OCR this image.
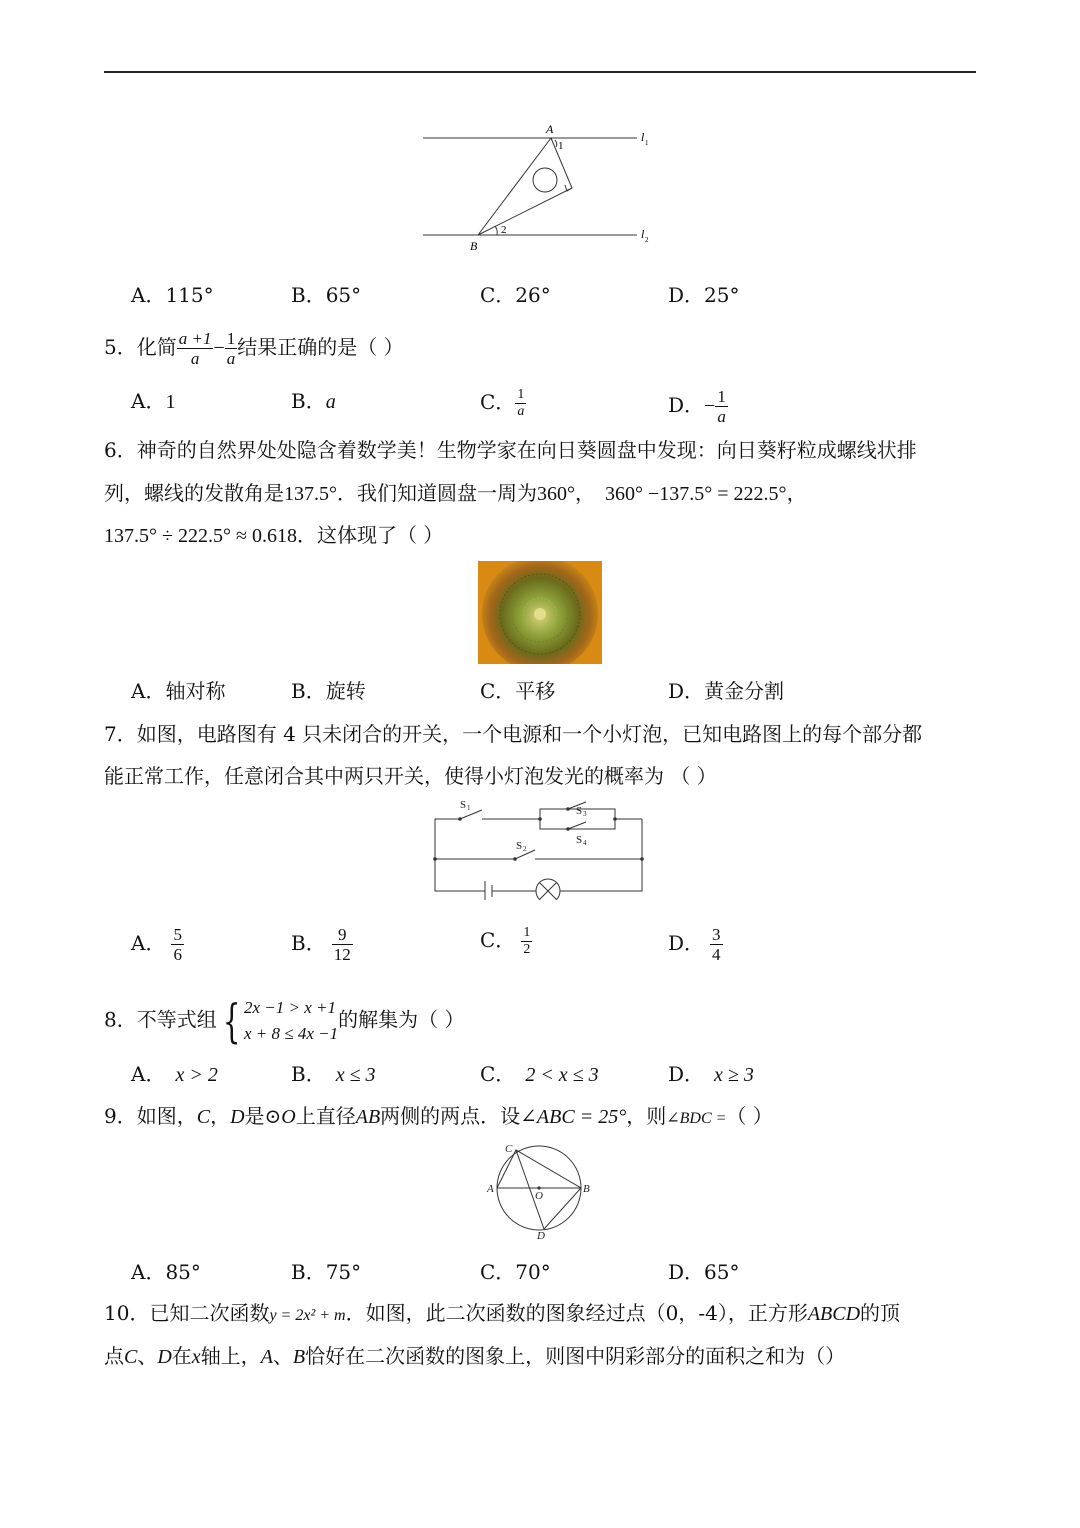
A
1
B
2
l 1
l 2
A．115°	B．65°	C．26°	D．25°
5．化简 $\frac{a +1}{a} - \frac{1}{a}$ 结果正确的是（ ）
A．1	B．a	C． $\frac{1}{a}$	D．− $\frac{1}{a}$
6．神奇的自然界处处隐含着数学美！生物学家在向日葵圆盘中发现：向日葵籽粒成螺线状排
列，螺线的发散角是137.5°．我们知道圆盘一周为360°， 360° −137.5° = 222.5°，
137.5° ÷ 222.5° ≈ 0.618．这体现了（ ）
A．轴对称	B．旋转	C．平移	D．黄金分割
7．如图，电路图有 4 只未闭合的开关，一个电源和一个小灯泡，已知电路图上的每个部分都
能正常工作，任意闭合其中两只开关，使得小灯泡发光的概率为 （ ）
S 1	S 3
S 4
S 2
A． $\frac{5}{6}$	B． $\frac{9}{12}$	C． $\frac{1}{2}$	D． $\frac{3}{4}$
8．不等式组 { 2x −1 > x +1
x + 8 ≤ 4x −1
的解集为（ ）
A． x > 2	B． x ≤ 3	C． 2 < x ≤ 3	D． x ≥ 3
9．如图，C，D是⊙O上直径AB两侧的两点．设∠ABC = 25°，则∠BDC =（ ）
A	B
C
D
O
A．85°	B．75°	C．70°	D．65°
10．已知二次函数y = 2x² + m．如图，此二次函数的图象经过点（0，-4），正方形ABCD的顶
点C、D在x轴上，A、B恰好在二次函数的图象上，则图中阴彩部分的面积之和为（）
